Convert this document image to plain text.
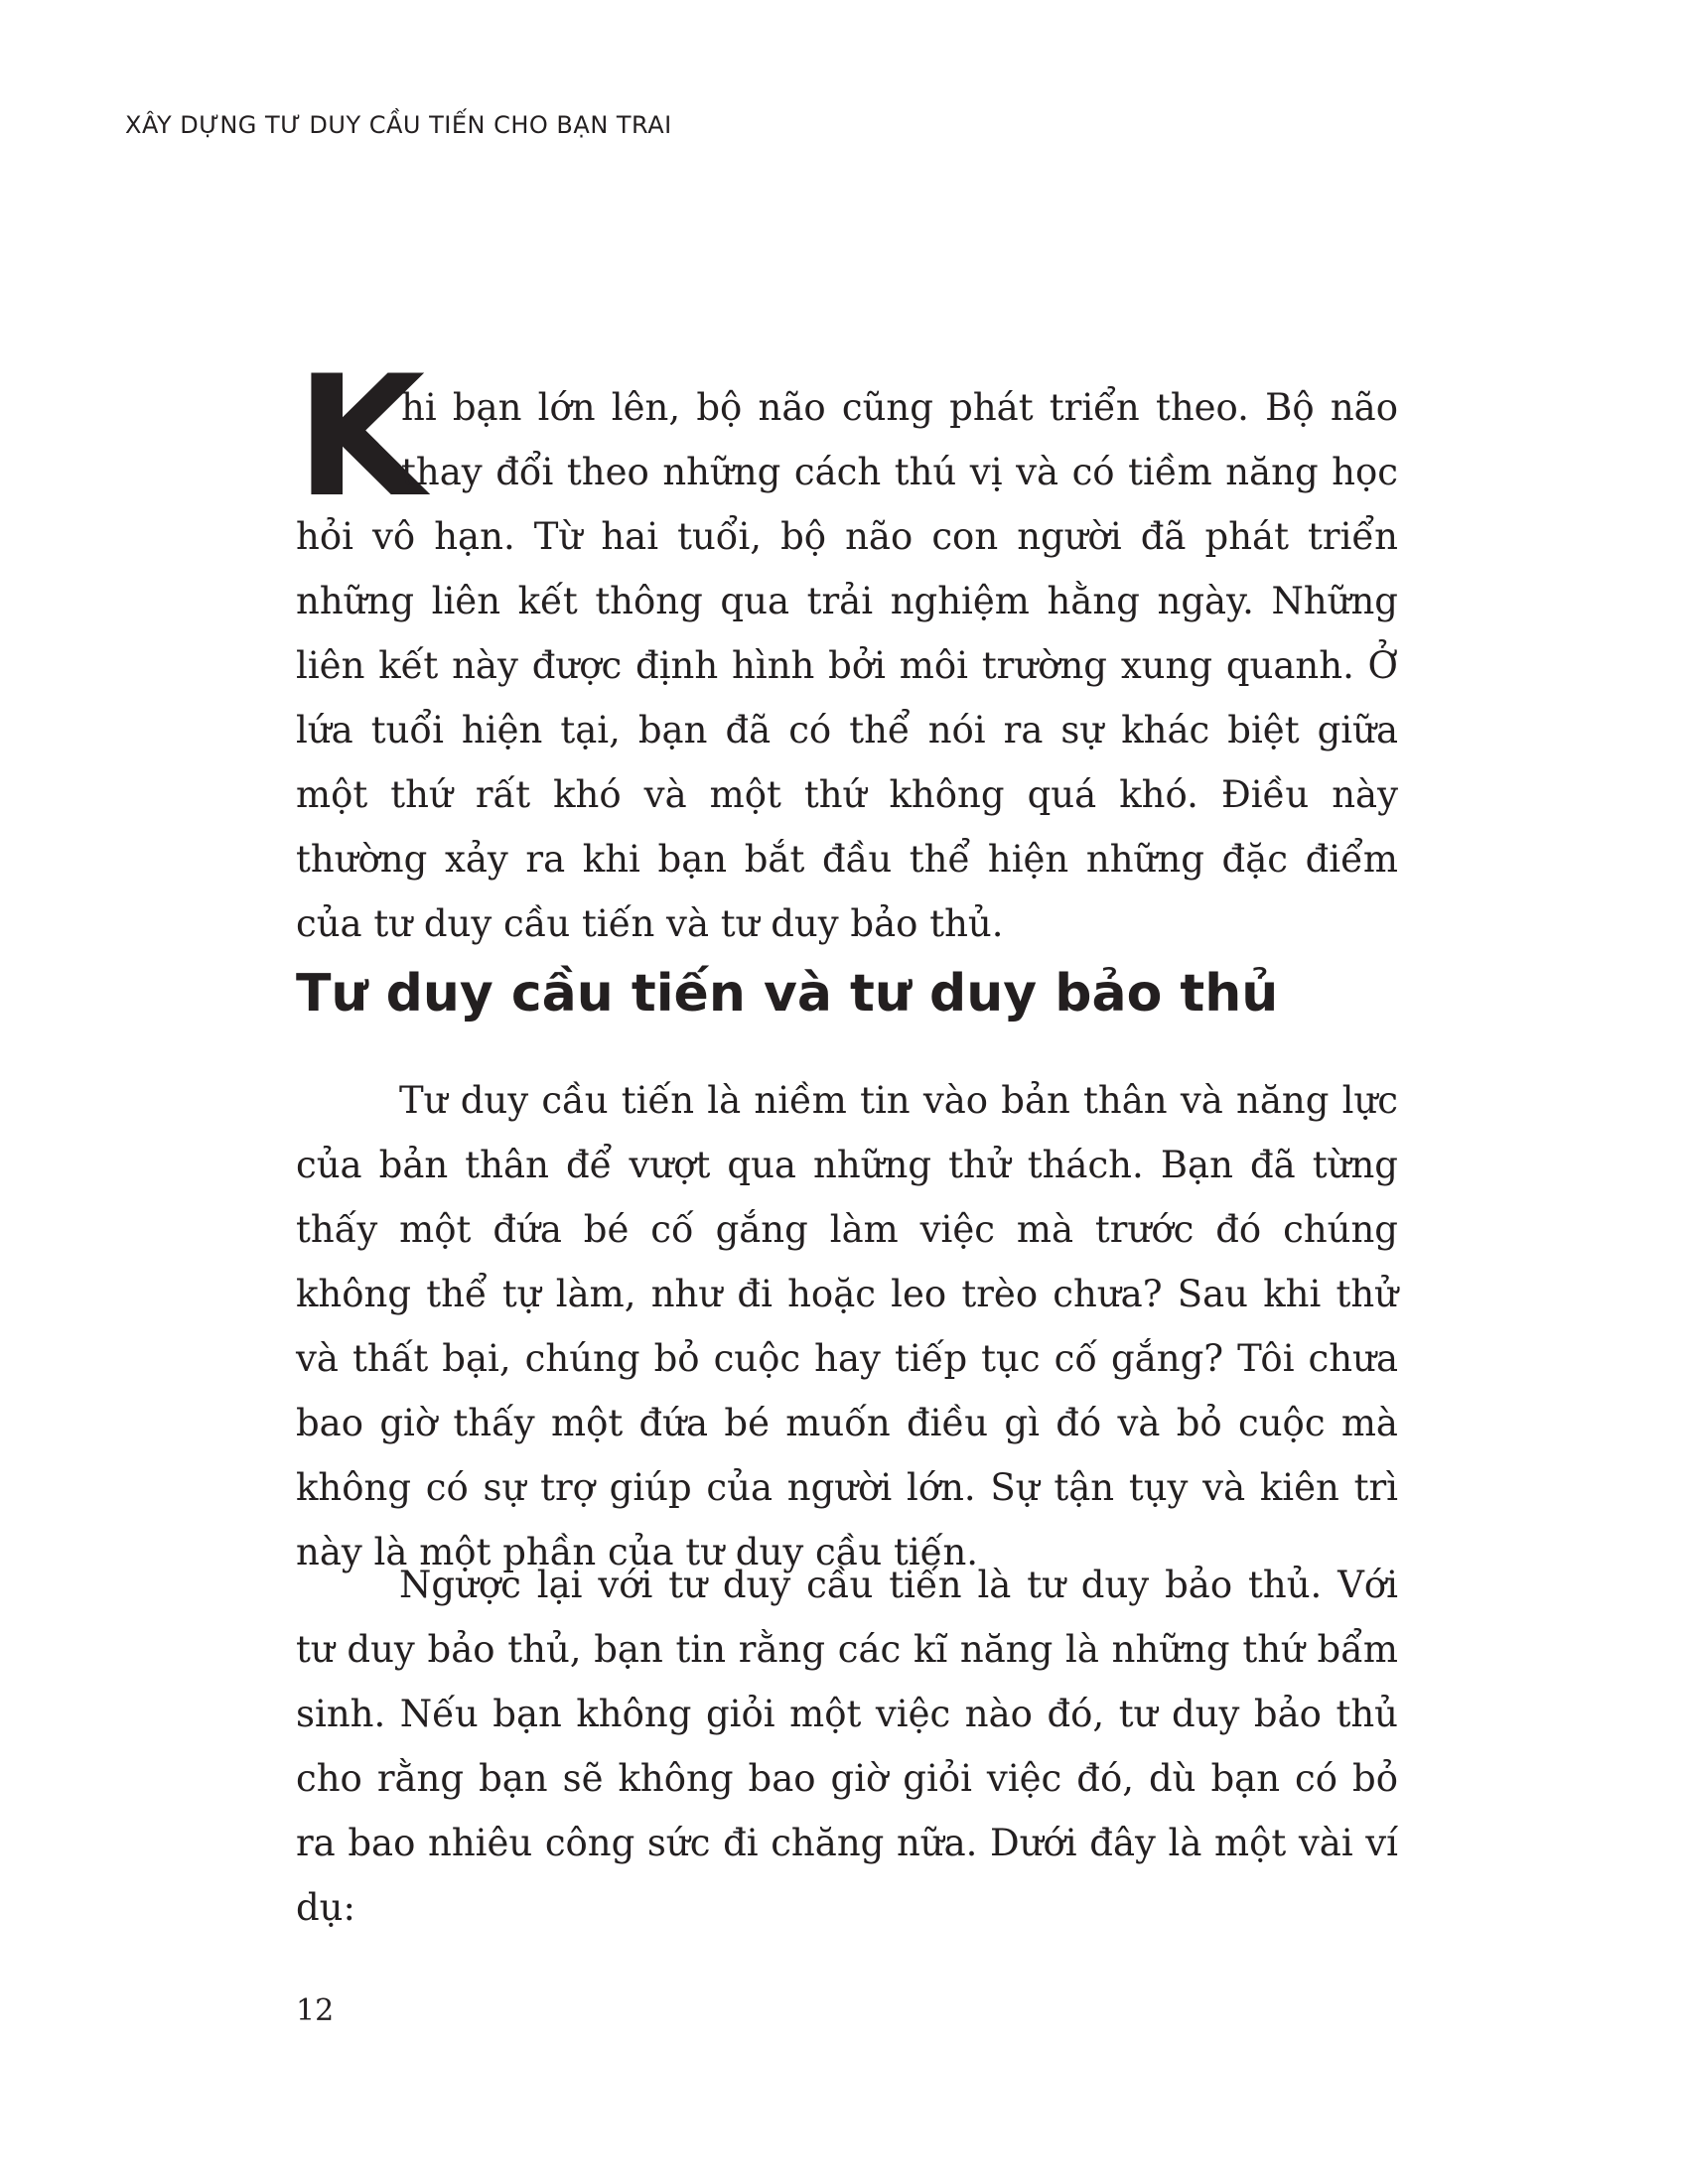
XÂY DỰNG TƯ DUY CẦU TIẾN CHO BẠN TRAI

K
hi bạn lớn lên, bộ não cũng phát triển theo. Bộ não thay đổi theo những cách thú vị và có tiềm năng học hỏi vô hạn. Từ hai tuổi, bộ não con người đã phát triển những liên kết thông qua trải nghiệm hằng ngày. Những liên kết này được định hình bởi môi trường xung quanh. Ở lứa tuổi hiện tại, bạn đã có thể nói ra sự khác biệt giữa một thứ rất khó và một thứ không quá khó. Điều này thường xảy ra khi bạn bắt đầu thể hiện những đặc điểm của tư duy cầu tiến và tư duy bảo thủ.

Tư duy cầu tiến và tư duy bảo thủ

Tư duy cầu tiến là niềm tin vào bản thân và năng lực của bản thân để vượt qua những thử thách. Bạn đã từng thấy một đứa bé cố gắng làm việc mà trước đó chúng không thể tự làm, như đi hoặc leo trèo chưa? Sau khi thử và thất bại, chúng bỏ cuộc hay tiếp tục cố gắng? Tôi chưa bao giờ thấy một đứa bé muốn điều gì đó và bỏ cuộc mà không có sự trợ giúp của người lớn. Sự tận tụy và kiên trì này là một phần của tư duy cầu tiến.

Ngược lại với tư duy cầu tiến là tư duy bảo thủ. Với tư duy bảo thủ, bạn tin rằng các kĩ năng là những thứ bẩm sinh. Nếu bạn không giỏi một việc nào đó, tư duy bảo thủ cho rằng bạn sẽ không bao giờ giỏi việc đó, dù bạn có bỏ ra bao nhiêu công sức đi chăng nữa. Dưới đây là một vài ví dụ:

12
